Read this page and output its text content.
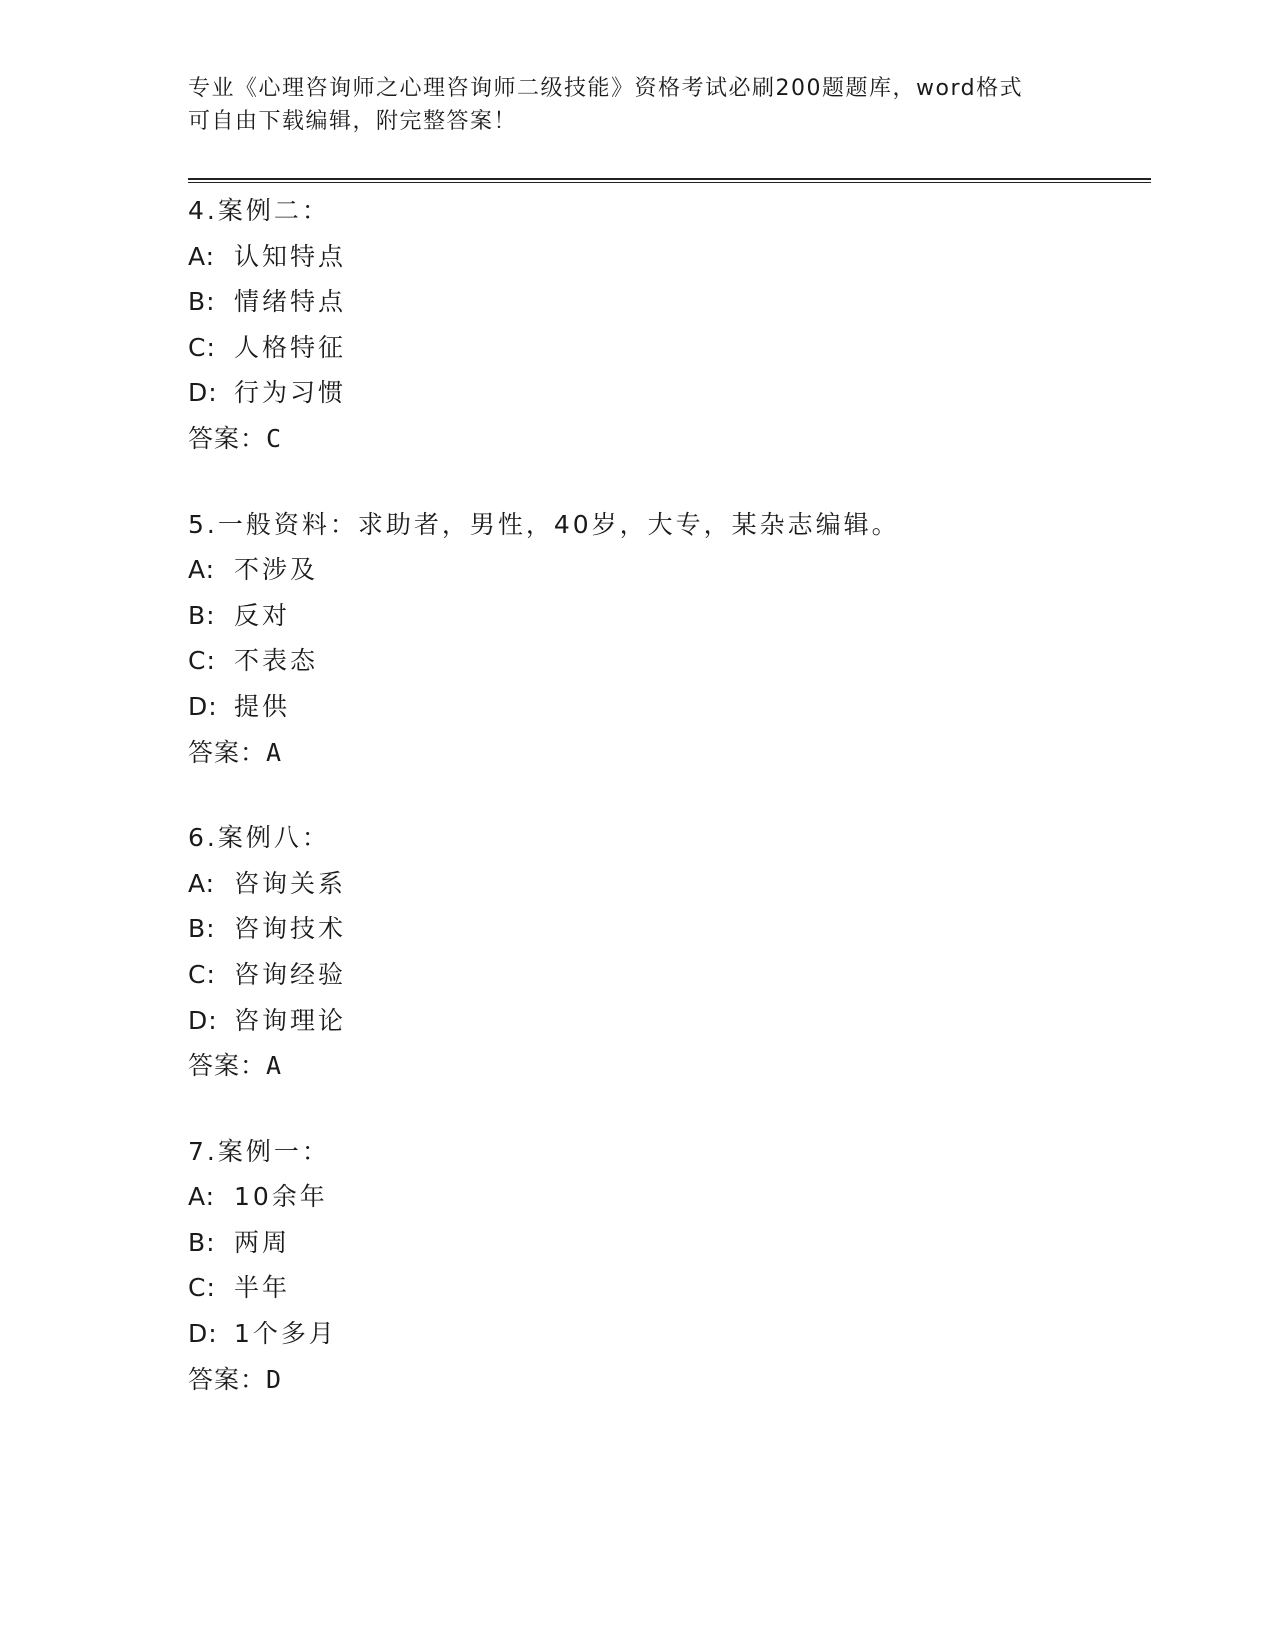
专业《心理咨询师之心理咨询师二级技能》资格考试必刷200题题库，word格式
可自由下载编辑，附完整答案！
4.案例二：
A: 认知特点
B: 情绪特点
C: 人格特征
D: 行为习惯
答案：C
5.一般资料：求助者，男性，40岁，大专，某杂志编辑。
A: 不涉及
B: 反对
C: 不表态
D: 提供
答案：A
6.案例八：
A: 咨询关系
B: 咨询技术
C: 咨询经验
D: 咨询理论
答案：A
7.案例一：
A: 10余年
B: 两周
C: 半年
D: 1个多月
答案：D
